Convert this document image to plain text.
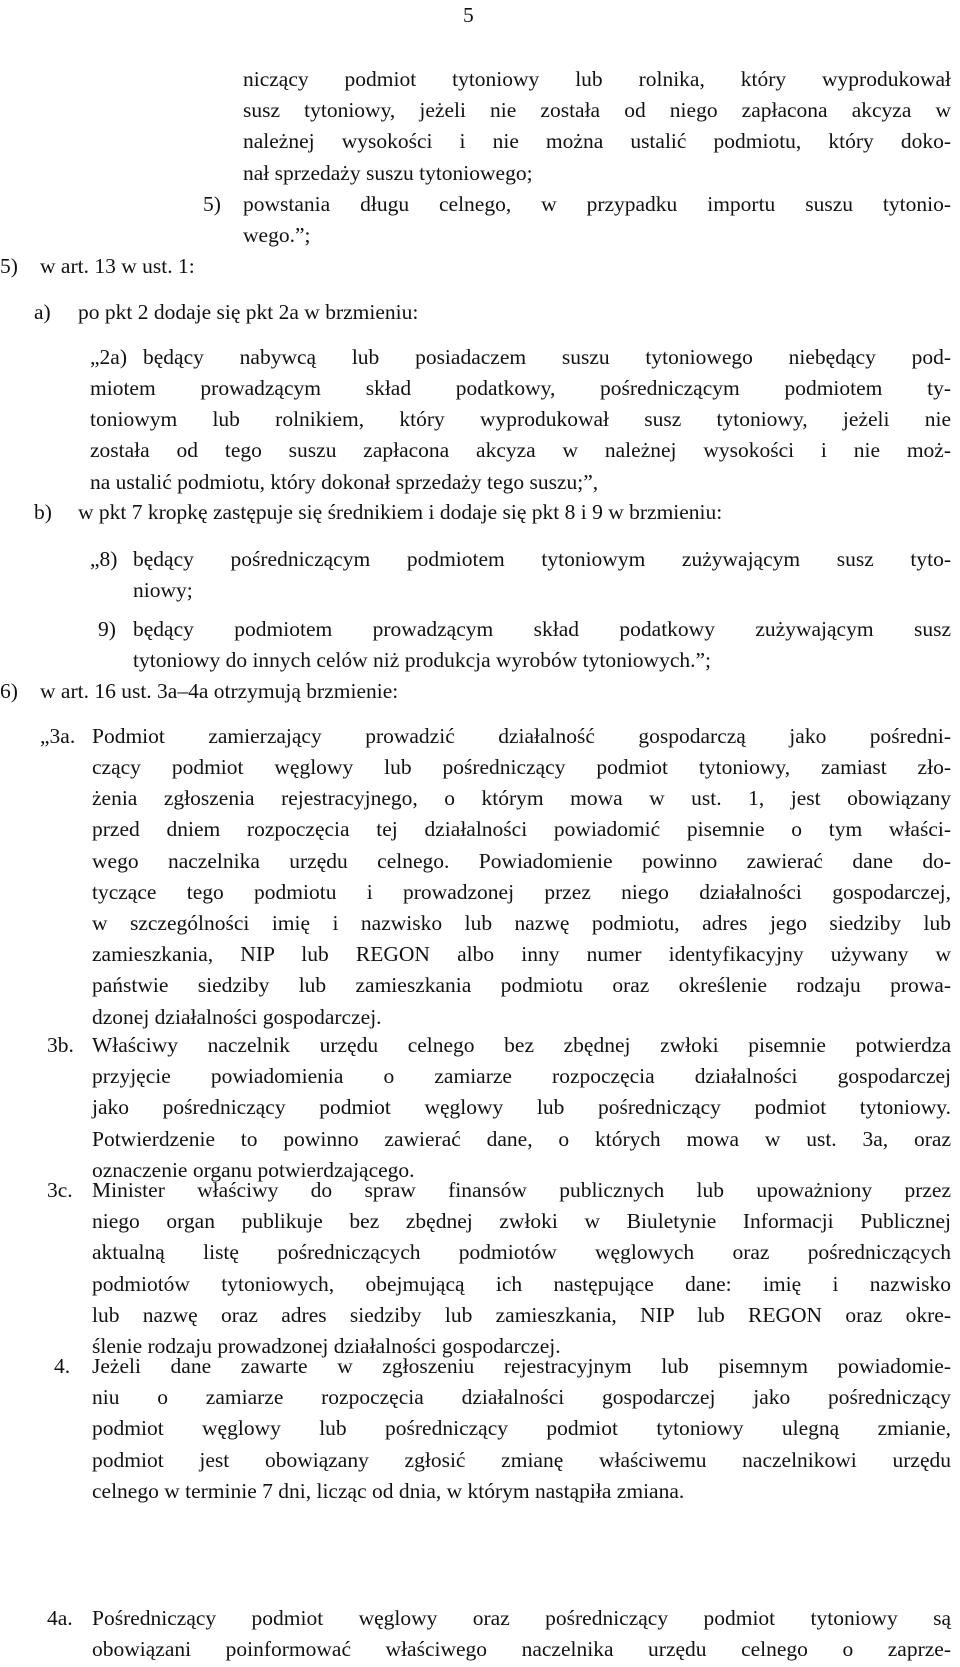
5
niczący podmiot tytoniowy lub rolnika, który wyprodukował
susz tytoniowy, jeżeli nie została od niego zapłacona akcyza w
należnej wysokości i nie można ustalić podmiotu, który doko-
nał sprzedaży suszu tytoniowego;
5) powstania długu celnego, w przypadku importu suszu tytonio-
wego.”;
5) w art. 13 w ust. 1:
a) po pkt 2 dodaje się pkt 2a w brzmieniu:
„2a) będący nabywcą lub posiadaczem suszu tytoniowego niebędący pod-
miotem prowadzącym skład podatkowy, pośredniczącym podmiotem ty-
toniowym lub rolnikiem, który wyprodukował susz tytoniowy, jeżeli nie
została od tego suszu zapłacona akcyza w należnej wysokości i nie moż-
na ustalić podmiotu, który dokonał sprzedaży tego suszu;”,
b) w pkt 7 kropkę zastępuje się średnikiem i dodaje się pkt 8 i 9 w brzmieniu:
„8) będący pośredniczącym podmiotem tytoniowym zużywającym susz tyto-
niowy;
9) będący podmiotem prowadzącym skład podatkowy zużywającym susz
tytoniowy do innych celów niż produkcja wyrobów tytoniowych.”;
6) w art. 16 ust. 3a–4a otrzymują brzmienie:
„3a. Podmiot zamierzający prowadzić działalność gospodarczą jako pośredni-
czący podmiot węglowy lub pośredniczący podmiot tytoniowy, zamiast zło-
żenia zgłoszenia rejestracyjnego, o którym mowa w ust. 1, jest obowiązany
przed dniem rozpoczęcia tej działalności powiadomić pisemnie o tym właści-
wego naczelnika urzędu celnego. Powiadomienie powinno zawierać dane do-
tyczące tego podmiotu i prowadzonej przez niego działalności gospodarczej,
w szczególności imię i nazwisko lub nazwę podmiotu, adres jego siedziby lub
zamieszkania, NIP lub REGON albo inny numer identyfikacyjny używany w
państwie siedziby lub zamieszkania podmiotu oraz określenie rodzaju prowa-
dzonej działalności gospodarczej.
3b. Właściwy naczelnik urzędu celnego bez zbędnej zwłoki pisemnie potwierdza
przyjęcie powiadomienia o zamiarze rozpoczęcia działalności gospodarczej
jako pośredniczący podmiot węglowy lub pośredniczący podmiot tytoniowy.
Potwierdzenie to powinno zawierać dane, o których mowa w ust. 3a, oraz
oznaczenie organu potwierdzającego.
3c. Minister właściwy do spraw finansów publicznych lub upoważniony przez
niego organ publikuje bez zbędnej zwłoki w Biuletynie Informacji Publicznej
aktualną listę pośredniczących podmiotów węglowych oraz pośredniczących
podmiotów tytoniowych, obejmującą ich następujące dane: imię i nazwisko
lub nazwę oraz adres siedziby lub zamieszkania, NIP lub REGON oraz okre-
ślenie rodzaju prowadzonej działalności gospodarczej.
4. Jeżeli dane zawarte w zgłoszeniu rejestracyjnym lub pisemnym powiadomie-
niu o zamiarze rozpoczęcia działalności gospodarczej jako pośredniczący
podmiot węglowy lub pośredniczący podmiot tytoniowy ulegną zmianie,
podmiot jest obowiązany zgłosić zmianę właściwemu naczelnikowi urzędu
celnego w terminie 7 dni, licząc od dnia, w którym nastąpiła zmiana.
4a. Pośredniczący podmiot węglowy oraz pośredniczący podmiot tytoniowy są
obowiązani poinformować właściwego naczelnika urzędu celnego o zaprze-
